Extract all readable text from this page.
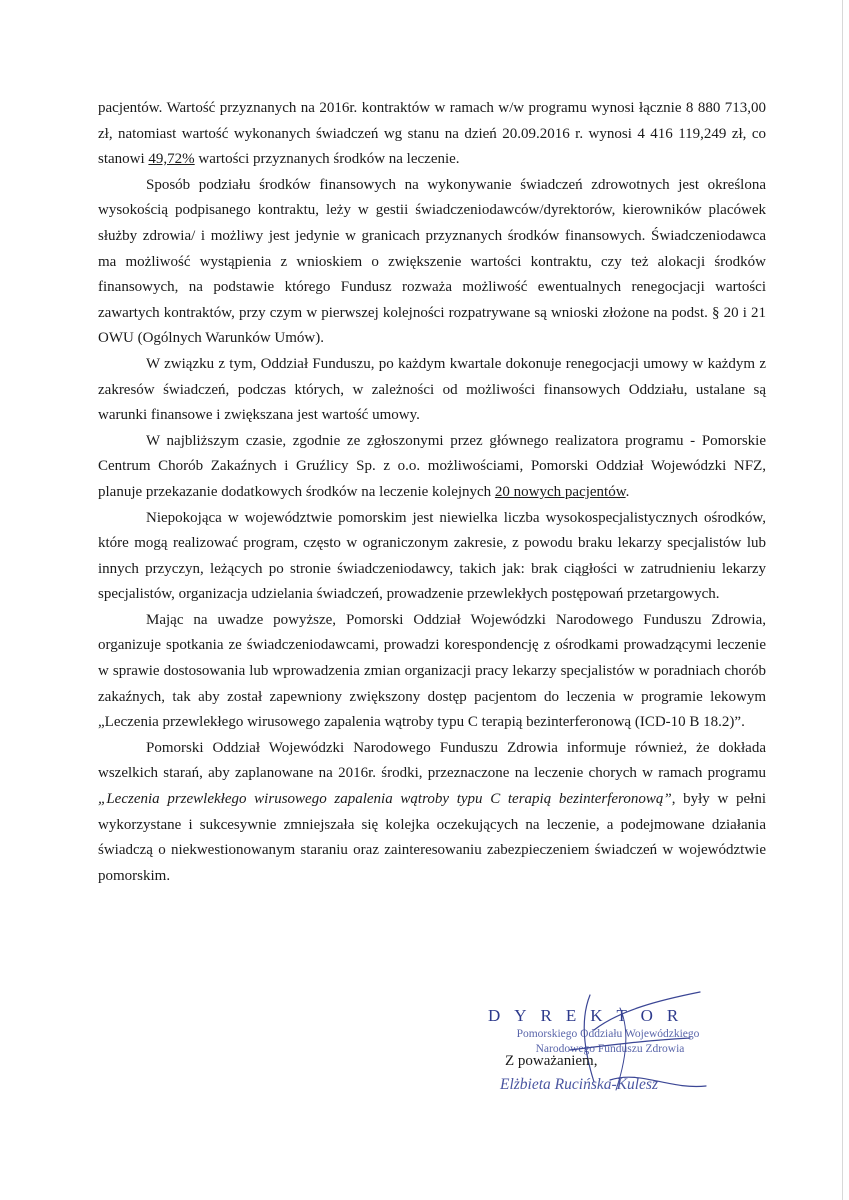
pacjentów. Wartość przyznanych na 2016r. kontraktów w ramach w/w programu wynosi łącznie 8 880 713,00 zł, natomiast wartość wykonanych świadczeń wg stanu na dzień 20.09.2016 r. wynosi 4 416 119,249 zł, co stanowi 49,72% wartości przyznanych środków na leczenie.

Sposób podziału środków finansowych na wykonywanie świadczeń zdrowotnych jest określona wysokością podpisanego kontraktu, leży w gestii świadczeniodawców/dyrektorów, kierowników placówek służby zdrowia/ i możliwy jest jedynie w granicach przyznanych środków finansowych. Świadczeniodawca ma możliwość wystąpienia z wnioskiem o zwiększenie wartości kontraktu, czy też alokacji środków finansowych, na podstawie którego Fundusz rozważa możliwość ewentualnych renegocjacji wartości zawartych kontraktów, przy czym w pierwszej kolejności rozpatrywane są wnioski złożone na podst. § 20 i 21 OWU (Ogólnych Warunków Umów).

W związku z tym, Oddział Funduszu, po każdym kwartale dokonuje renegocjacji umowy w każdym z zakresów świadczeń, podczas których, w zależności od możliwości finansowych Oddziału, ustalane są warunki finansowe i zwiększana jest wartość umowy.

W najbliższym czasie, zgodnie ze zgłoszonymi przez głównego realizatora programu - Pomorskie Centrum Chorób Zakaźnych i Gruźlicy Sp. z o.o. możliwościami, Pomorski Oddział Wojewódzki NFZ, planuje przekazanie dodatkowych środków na leczenie kolejnych 20 nowych pacjentów.

Niepokojąca w województwie pomorskim jest niewielka liczba wysokospecjalistycznych ośrodków, które mogą realizować program, często w ograniczonym zakresie, z powodu braku lekarzy specjalistów lub innych przyczyn, leżących po stronie świadczeniodawcy, takich jak: brak ciągłości w zatrudnieniu lekarzy specjalistów, organizacja udzielania świadczeń, prowadzenie przewlekłych postępowań przetargowych.

Mając na uwadze powyższe, Pomorski Oddział Wojewódzki Narodowego Funduszu Zdrowia, organizuje spotkania ze świadczeniodawcami, prowadzi korespondencję z ośrodkami prowadzącymi leczenie w sprawie dostosowania lub wprowadzenia zmian organizacji pracy lekarzy specjalistów w poradniach chorób zakaźnych, tak aby został zapewniony zwiększony dostęp pacjentom do leczenia w programie lekowym „Leczenia przewlekłego wirusowego zapalenia wątroby typu C terapią bezinterferonową (ICD-10 B 18.2)”.

Pomorski Oddział Wojewódzki Narodowego Funduszu Zdrowia informuje również, że dokłada wszelkich starań, aby zaplanowane na 2016r. środki, przeznaczone na leczenie chorych w ramach programu „Leczenia przewlekłego wirusowego zapalenia wątroby typu C terapią bezinterferonową”, były w pełni wykorzystane i sukcesywnie zmniejszała się kolejka oczekujących na leczenie, a podejmowane działania świadczą o niekwestionowanym staraniu oraz zainteresowaniu zabezpieczeniem świadczeń w województwie pomorskim.

DYREKTOR
Pomorskiego Oddziału Wojewódzkiego
Narodowego Funduszu Zdrowia
Elżbieta Rucińska-Kulesz
Z poważaniem,
